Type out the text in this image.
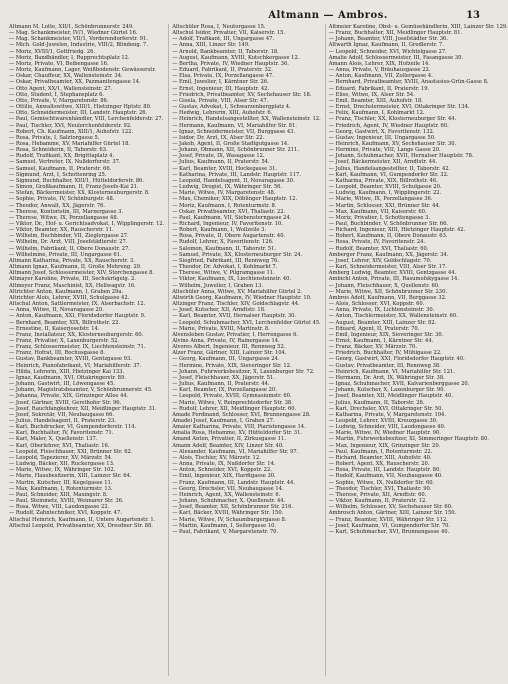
Altmann — Ambros.	13
Altmann M. Lotte, XII/1, Schönbrunnerstr. 249.
— Mag. Schankmeister, IV/1, Wiedner Gürtel 16.
— Mag. Schankmeister, VII/1, Vorderendorferstr. 91.
— Mich. Gold-Juwelen, Industrie, VIII/2, Blindeng. 7.
— Moriz, XVIII/1, Gottfriedg. 26.
— Moriz, Bandhändler, I, Rupprechtsplatz 12.
— Moriz, Private, VI, Beibengasse 16.
— Moriz, Kaufmann, Lager, Weißbodenstr. Gewässerstr.
— Oskar, Chauffeur, XX, Wallensteinstr. 34.
— Oskar, Privatbeamter, XX, Pazmanitengasse 14.
— Otto Agent, XX/1, Wallensteinstr. 27.
— Otto, Student, I, Stephansplatz 6.
— Otto, Private, V, Margaretenstr. 86.
— Ottilie, Anwaltswitwe, XIII/1, Hietzinger Hptstr. 80.
— Otto, Schneidermeister, III, Landstr. Hauptstr. 26.
— Paul, Gemischtwarenhändler, VIII, Lerchenfelderstr. 27.
— Paul, Tischler, XVI, Neulerchenfelderstr. 92.
— Robert, Ch. Kaufmann, XIII/1, Auhofstr. 122.
— Rosa, Private, I, Salztorgasse 5.
— Rosa, Hebamme, XV, Mariahilfer Gürtel 18.
— Rosa, Schneiderin, II, Taborstr. 63.
— Rudolf, Trafikant, XX, Brigittaplatz 4.
— Samuel, Vertreter, IX, Nußdorferstr. 37.
— Samuel, Kaufmann, II, Praterstr. 66.
— Sigmund, Arzt, I, Schottenring 25.
— Sigmund, Buchhalter, XIII/1, Hütteldorferstr. 86.
— Simon, Großkaufmann, II, Franz-Josefs-Kai 21.
— Stefan, Bäckermeister, XX, Klosterneuburgerstr. 8.
— Sophie, Private, IV, Schönburgstr. 48.
— Theodor, Anwalt, XX, Jägerstr. 76.
— Therese, Kontoristin, III, Marxergasse 3.
— Therese, Witwe, IX, Porzellangasse 48.
— Viktor, Dr., Hof- u. Gerichtsadvokat, I, Wipplingerstr. 12.
— Viktor, Beamter, XX, Rauscherstr. 11.
— Wilhelm, Buchbinder, VII, Zieglergasse 27.
— Wilhelm, Dr. Arzt, VIII, Josefstädterstr. 27.
— Wilhelm, Fabrikant, II, Obere Donaustr. 27.
— Wilhelmine, Private, III, Ungargasse 61.
Altmann Katharina, Private, XX, Rauscherstr. 3.
Altmann Ignaz, Kaufmann, II, Große Mohreng. 29.
Altmann Josef, Schlossermeister, XIV, Storchengasse 8.
Altmayer Karoline, Private, III, Sechskrügelg. 2.
Altmeyer Franz, Maschinist, XX, Hellwagstr. 16.
Altrichter Anton, Kaufmann, I, Graben 29a.
Altrichter Alois, Lehrer, XVIII, Schulgasse 42.
Altschul Anton, Sattlermeister, IX, Alserbachstr. 12.
— Anna, Witwe, II, Novaragasse 20.
— Anton, Kaufmann, XXI, Floridsdorfer Hauptstr. 9.
— Bernhard, Beamter, XIX, Billrothstr. 22.
— Ernestine, II, Kaiserjosefstr. 14.
— Franz, Installateur, XX, Klosterneuburgerstr. 60.
— Franz, Privatier, X, Laxenburgerstr. 52.
— Franz, Schlossermeister, IX, Liechtensteinstr. 71.
— Franz, Hofrat, III, Rochusgasse 8.
— Gustav, Bankbeamter, XVIII, Gentzgasse 93.
— Heinrich, Pianofabrikant, VI, Mariahilferstr. 37.
— Hilda, Lehrerin, XIII, Hietzinger Kai 133.
— Ignaz, Kaufmann, XVI, Ottakringerstr. 89.
— Johann, Gastwirt, III, Löwengasse 45.
— Johann, Magistratsbeamter, V, Schönbrunnerstr. 45.
— Johanna, Private, XIX, Grinzinger Allee 44.
— Josef, Gärtner, XVIII, Gersthofer Str. 96.
— Josef, Rauchfangkehrer, XII, Meidlinger Hauptstr. 31.
— Josef, Sekretär, VII, Neubaugasse 66.
— Julius, Handelsagent, II, Praterstr. 23.
— Karl, Buchdrucker, VI, Gumpendorferstr. 114.
— Karl, Buchhalter, IV, Favoritenstr. 71.
— Karl, Maler, X, Quellenstr. 137.
— Karl, Oberlehrer, XVI, Thaliastr. 16.
— Leopold, Fleischhauer, XXI, Brünner Str. 62.
— Leopold, Tapezierer, XV, Märzstr. 54.
— Ludwig, Bäcker, XII, Ruckergasse 13.
— Marie, Witwe, IX, Währinger Str. 102.
— Marie, Hausbesitzerin, XIII, Lainzer Str. 64.
— Martin, Kutscher, III, Kegelgasse 11.
— Max, Kaufmann, I, Rotenturmstr. 13.
— Paul, Schneider, XIII, Maxingstr. 8.
— Paul, Steinmetz, XVIII, Weimarer Str. 36.
— Rosa, Witwe, VIII, Laudongasse 22.
— Rudolf, Zahntechniker, XVI, Koppstr. 47.
Altschul Heinrich, Kaufmann, II, Untere Augartenstr. 1.
Altschul Leopold, Privatbeamter, XX, Dresdner Str. 88.
Altschüler Rosa, I, Neutorgasse 15.
Altschul Isidor, Privatier, VII, Kaiserstr. 15.
— Adolf, Trafikant, III, Ungargasse 47.
— Anna, XIII, Linzer Str. 149.
— Arnold, Bankbeamter, II, Taborstr. 18.
— August, Kaufmann, XVIII, Kutschkergasse 12.
— Bertha, Private, IV, Wiedner Hauptstr. 36.
— Eduard, Fabrikant, II, Praterstr. 32.
— Elsa, Private, IX, Porzellangasse 47.
— Emil, Juwelier, I, Kärntner Str. 26.
— Ernst, Ingenieur, III, Hauptstr. 42.
— Friedrich, Privatbeamter, XV, Sechshauser Str. 18.
— Gisela, Private, VIII, Alser Str. 47.
— Gustav, Advokat, I, Schwarzenbergplatz 4.
— Hedwig, Lehrerin, XIII, Auhofstr. 6.
— Heinrich, Handelsangestellter, XX, Wallensteinstr. 12.
— Hermann, Kaufmann, VI, Mariahilfer Str. 81.
— Ignaz, Schneidermeister, VII, Burggasse 43.
— Isidor, Dr. Arzt, IX, Alser Str. 22.
— Jakob, Agent, II, Große Stadtgutgasse 14.
— Johann, Obmann, XII, Schönbrunner Str. 211.
— Josef, Private, IX, Wasagasse 12.
— Julius, Kaufmann, II, Praterstr. 54.
— Karl, Beamter, XVIII, Hockegasse 31.
— Katharina, Private, III, Landstr. Hauptstr. 117.
— Leopold, Handelsagent, II, Novaragasse 30.
— Ludwig, Drogist, IX, Währinger Str. 56.
— Marie, Witwe, IV, Margaretenstr. 48.
— Max, Chemiker, XIX, Döblinger Hauptstr. 12.
— Moriz, Kaufmann, I, Rotenturmstr. 8.
— Oskar, Privatbeamter, XVI, Thaliastr. 22.
— Paul, Kaufmann, VII, Siebensterngasse 24.
— Richard, Ingenieur, IV, Favoritenstr. 10.
— Robert, Kaufmann, I, Wollzeile 3.
— Rosa, Private, II, Obere Augartenstr. 40.
— Rudolf, Lehrer, X, Favoritenstr. 126.
— Salomon, Kaufmann, II, Taborstr. 51.
— Samuel, Private, XX, Klosterneuburger Str. 24.
— Siegfried, Fabrikant, III, Rennweg 76.
— Theodor, Dr. Advokat, I, Kohlmarkt 7.
— Therese, Witwe, V, Pilgramgasse 11.
— Viktor, Kaufmann, IX, Liechtensteinstr. 40.
— Wilhelm, Juwelier, I, Graben 13.
Altschüler Anna, Witwe, XV, Mariahilfer Gürtel 2.
Altwirth Georg, Kaufmann, IV, Wiedner Hauptstr. 10.
Altzinger Franz, Tischler, XIV, Goldschlagstr. 44.
— Josef, Kutscher, XII, Arndtstr. 18.
— Karl, Beamter, XVII, Hernalser Hauptstr. 30.
— Leopold, Schuhmacher, XVI, Lerchenfelder Gürtel 45.
— Marie, Private, XVIII, Martinstr. 8.
Alvensleben Gustav, Privatier, I, Herrengasse 6.
Alvine Anna, Private, IV, Rainergasse 14.
Alvores Albert, Ingenieur, III, Rennweg 52.
Alzer Franz, Gärtner, XIII, Lainzer Str. 104.
— Georg, Kaufmann, III, Ungargasse 24.
— Hermine, Private, XIX, Sieveringer Str. 12.
— Johann, Fuhrwerksbesitzer, X, Laxenburger Str. 72.
— Josef, Fleischhauer, XX, Jägerstr. 51.
— Julius, Kaufmann, II, Praterstr. 44.
— Karl, Beamter, IX, Porzellangasse 20.
— Leopold, Private, XVIII, Gymnasiumstr. 60.
— Marie, Witwe, V, Reinprechtsdorfer Str. 38.
— Rudolf, Lehrer, XII, Meidlinger Hauptstr. 60.
Amade Ferdinand, Schlosser, XVI, Brunnengasse 28.
Amadei Josef, Kaufmann, I, Graben 27.
Amaier Katharina, Private, VIII, Piaristengasse 14.
Amalia Rosa, Hebamme, XV, Hütteldorfer Str. 31.
Amand Anton, Privatier, II, Zirkusgasse 11.
Amann Adolf, Beamter, XIV, Linzer Str. 40.
— Alexander, Kaufmann, VI, Mariahilfer Str. 97.
— Alois, Tischler, XV, Märzstr. 12.
— Anna, Private, IX, Nußdorfer Str. 14.
— Anton, Schneider, XVI, Koppstr. 22.
— Emil, Ingenieur, XIX, Hardtgasse 30.
— Franz, Kaufmann, III, Landstr. Hauptstr. 44.
— Georg, Drechsler, VII, Neubaugasse 14.
— Heinrich, Agent, XX, Wallensteinstr. 6.
— Johann, Schuhmacher, X, Quellenstr. 44.
— Josef, Beamter, XII, Schönbrunner Str. 216.
— Karl, Bäcker, XVIII, Währinger Str. 150.
— Marie, Witwe, IV, Schaumburgergasse 8.
— Martin, Kaufmann, I, Seilergasse 10.
— Paul, Fabrikant, V, Margaretenstr. 70.
Altmeier Karoline, Obst- u. Gemüsehändlerin, XIII, Lainzer Str. 129.
— Franz, Buchhalter, XII, Meidlinger Hauptstr. 81.
— Johann, Beamter, VIII, Josefstädter Str. 36.
Altwarth Ignaz, Kaufmann, II, Gredlerstr. 7.
— Leopold, Schneider, XVI, Wichtelgasse 27.
Amalie Adolf, Schlossermeister, III, Fasangasse 30.
Amann Alois, Lehrer, XIX, Hofzeile 14.
— Anna, Private, V, Bräuhausgasse 22.
— Anton, Kaufmann, VII, Zollergasse 4.
— Bernhard, Privatbeamter, XVIII, Anastasius-Grün-Gasse 8.
— Eduard, Fabrikant, II, Praterstr. 19.
— Elise, Witwe, IX, Alser Str. 54.
— Emil, Beamter, XIII, Auhofstr. 18.
— Ernst, Drechslermeister, XVI, Ottakringer Str. 134.
— Felix, Kaufmann, I, Kohlmarkt 12.
— Franz, Tischler, XX, Klosterneuburger Str. 44.
— Friedrich, Agent, IV, Wiedner Hauptstr. 60.
— Georg, Gastwirt, X, Favoritenstr. 132.
— Gustav, Ingenieur, III, Ungargasse 50.
— Heinrich, Kaufmann, XV, Sechshauser Str. 30.
— Hermine, Private, VIII, Lange Gasse 20.
— Johann, Schuhmacher, XVII, Hernalser Hauptstr. 78.
— Josef, Bäckermeister, XII, Arndtstr. 44.
— Julius, Handelsangestellter, II, Taborstr. 42.
— Karl, Kaufmann, VI, Gumpendorfer Str. 32.
— Katharina, Private, XIX, Billrothstr. 46.
— Leopold, Beamter, XVIII, Schulgasse 20.
— Ludwig, Kaufmann, I, Wipplingerstr. 22.
— Marie, Witwe, IX, Porzellangasse 36.
— Martin, Schlosser, XXI, Brünner Str. 44.
— Max, Kaufmann, VII, Kaiserstr. 60.
— Moriz, Privatier, I, Schottengasse 3.
— Paul, Buchbinder, V, Schönbrunner Str. 66.
— Richard, Ingenieur, XIII, Hietzinger Hauptstr. 42.
— Robert, Kaufmann, II, Obere Donaustr. 63.
— Rosa, Private, IV, Favoritenstr. 24.
— Rudolf, Beamter, XVI, Thaliastr. 60.
Amberger Franz, Kaufmann, XX, Jägerstr. 34.
— Josef, Lehrer, XIV, Goldschlagstr. 70.
— Karl, Schneidermeister, VIII, Alser Str. 17.
Amberg Ludwig, Beamter, XVIII, Gentzgasse 44.
Ambichl Anton, Private, III, Rasumofskygasse 14.
— Johann, Fleischhauer, X, Quellenstr. 60.
— Marie, Witwe, XII, Schönbrunner Str. 230.
Ambros Adolf, Kaufmann, VII, Burggasse 32.
— Alois, Schlosser, XVI, Koppstr. 60.
— Anna, Private, IX, Lichtensteinstr. 30.
— Anton, Tischlermeister, XX, Wallensteinstr. 60.
— August, Beamter, XIII, Lainzer Str. 82.
— Eduard, Agent, II, Praterstr. 70.
— Emil, Ingenieur, XIX, Sieveringer Str. 30.
— Ernst, Kaufmann, I, Kärntner Str. 44.
— Franz, Bäcker, XV, Märzstr. 70.
— Friedrich, Buchhalter, IV, Mühlgasse 22.
— Georg, Gastwirt, XXI, Floridsdorfer Hauptstr. 40.
— Gustav, Privatbeamter, III, Rennweg 38.
— Heinrich, Kaufmann, VI, Mariahilfer Str. 121.
— Hermann, Dr. Arzt, IX, Währinger Str. 38.
— Ignaz, Schuhmacher, XVII, Kalvarienberggasse 20.
— Johann, Kutscher, X, Laxenburger Str. 90.
— Josef, Beamter, XII, Meidlinger Hauptstr. 40.
— Julius, Kaufmann, II, Taborstr. 26.
— Karl, Drechsler, XVI, Ottakringer Str. 50.
— Katharina, Private, V, Margaretenstr. 104.
— Leopold, Lehrer, XVIII, Kreuzgasse 30.
— Ludwig, Schneider, VIII, Laudongasse 40.
— Marie, Witwe, IV, Wiedner Hauptstr. 90.
— Martin, Fuhrwerksbesitzer, XI, Simmeringer Hauptstr. 80.
— Max, Ingenieur, XIX, Grinzinger Str. 20.
— Paul, Kaufmann, I, Rotenturmstr. 22.
— Richard, Beamter, XIII, Auhofstr. 40.
— Robert, Agent, XX, Rauscherstr. 20.
— Rosa, Private, III, Landstr. Hauptstr. 80.
— Rudolf, Kaufmann, VII, Neubaugasse 40.
— Sophie, Witwe, IX, Nußdorfer Str. 60.
— Theodor, Tischler, XVI, Thaliastr. 90.
— Therese, Private, XII, Arndtstr. 60.
— Viktor, Kaufmann, II, Praterstr. 12.
— Wilhelm, Schlosser, XV, Sechshauser Str. 60.
Ambrosch Anton, Gärtner, XIII, Lainzer Str. 150.
— Franz, Beamter, XVIII, Währinger Str. 112.
— Josef, Kaufmann, VI, Gumpendorfer Str. 70.
— Karl, Schuhmacher, XVI, Brunnengasse 40.
